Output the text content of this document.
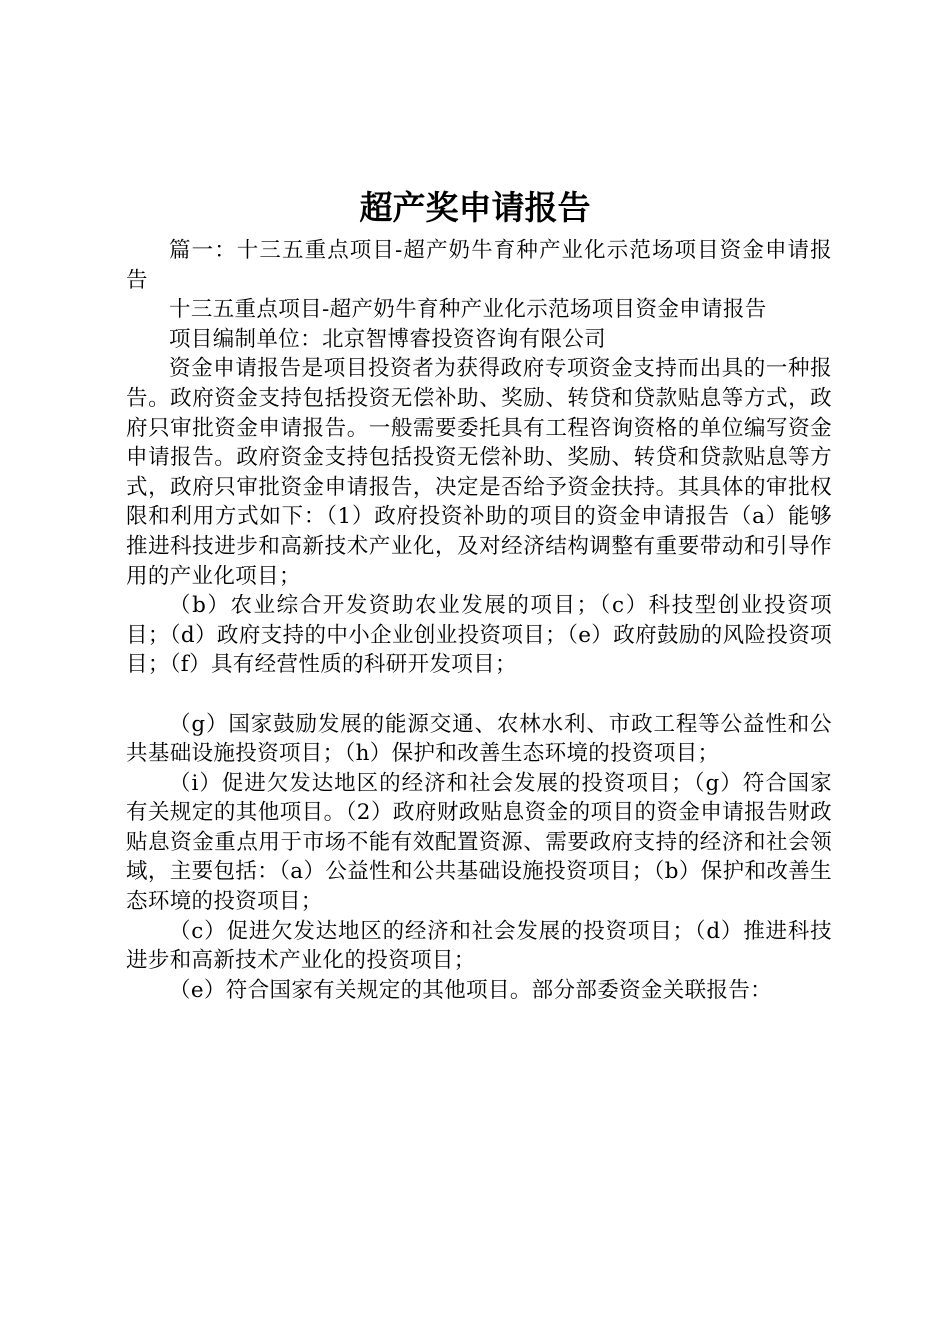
超产奖申请报告

篇一：十三五重点项目-超产奶牛育种产业化示范场项目资金申请报告

十三五重点项目-超产奶牛育种产业化示范场项目资金申请报告

项目编制单位：北京智博睿投资咨询有限公司

资金申请报告是项目投资者为获得政府专项资金支持而出具的一种报告。政府资金支持包括投资无偿补助、奖励、转贷和贷款贴息等方式，政府只审批资金申请报告。一般需要委托具有工程咨询资格的单位编写资金申请报告。政府资金支持包括投资无偿补助、奖励、转贷和贷款贴息等方式，政府只审批资金申请报告，决定是否给予资金扶持。其具体的审批权限和利用方式如下：（1）政府投资补助的项目的资金申请报告（a）能够推进科技进步和高新技术产业化，及对经济结构调整有重要带动和引导作用的产业化项目；

（b）农业综合开发资助农业发展的项目；（c）科技型创业投资项目；（d）政府支持的中小企业创业投资项目；（e）政府鼓励的风险投资项目；（f）具有经营性质的科研开发项目；

（g）国家鼓励发展的能源交通、农林水利、市政工程等公益性和公共基础设施投资项目；（h）保护和改善生态环境的投资项目；

（i）促进欠发达地区的经济和社会发展的投资项目；（g）符合国家有关规定的其他项目。（2）政府财政贴息资金的项目的资金申请报告财政贴息资金重点用于市场不能有效配置资源、需要政府支持的经济和社会领域，主要包括：（a）公益性和公共基础设施投资项目；（b）保护和改善生态环境的投资项目；

（c）促进欠发达地区的经济和社会发展的投资项目；（d）推进科技进步和高新技术产业化的投资项目；

（e）符合国家有关规定的其他项目。部分部委资金关联报告：
